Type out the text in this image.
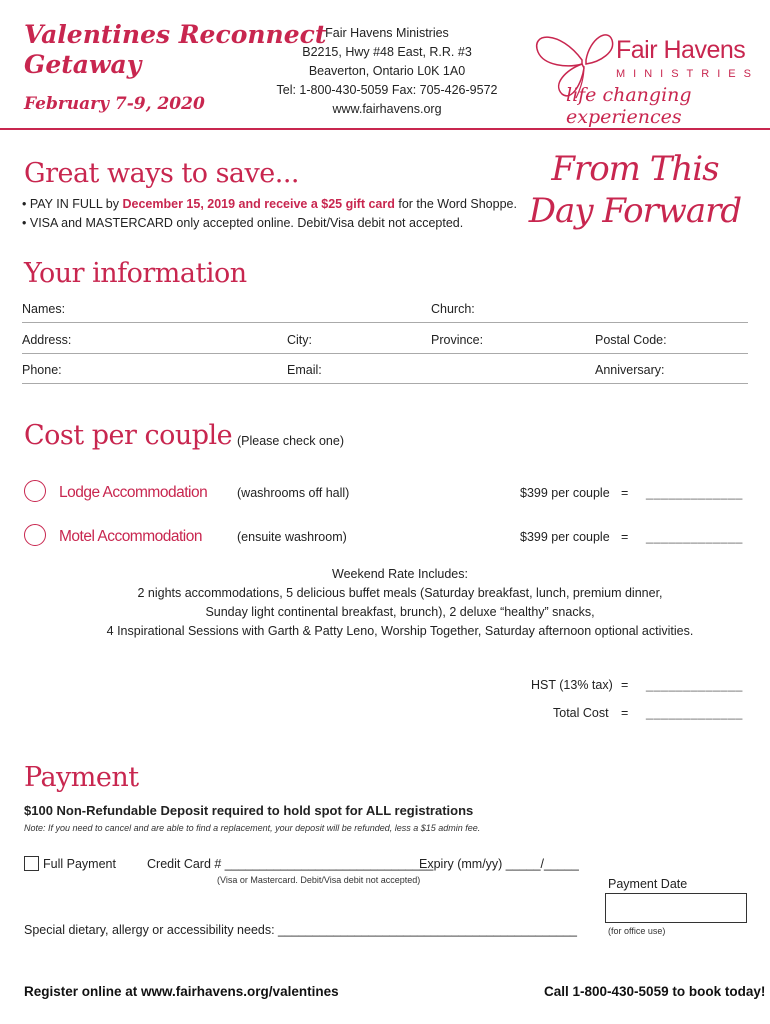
Valentines Reconnect
Getaway
February 7-9, 2020
Fair Havens Ministries
B2215, Hwy #48 East, R.R. #3
Beaverton, Ontario L0K 1A0
Tel: 1-800-430-5059 Fax: 705-426-9572
www.fairhavens.org
Fair Havens
MINISTRIES
life changing experiences
Great ways to save...
• PAY IN FULL by December 15, 2019 and receive a $25 gift card for the Word Shoppe.
• VISA and MASTERCARD only accepted online. Debit/Visa debit not accepted.
From This
Day Forward
Your information
Names:	Church:
Address:	City:	Province:	Postal Code:
Phone:	Email:	Anniversary:
Cost per couple (Please check one)
Lodge Accommodation (washrooms off hall)	$399 per couple = _____________
Motel Accommodation	(ensuite washroom)	$399 per couple = _____________
Weekend Rate Includes:
2 nights accommodations, 5 delicious buffet meals (Saturday breakfast, lunch, premium dinner,
Sunday light continental breakfast, brunch), 2 deluxe “healthy” snacks,
4 Inspirational Sessions with Garth & Patty Leno, Worship Together, Saturday afternoon optional activities.
HST (13% tax) = _____________
Total Cost = _____________
Payment
$100 Non-Refundable Deposit required to hold spot for ALL registrations
Note: If you need to cancel and are able to find a replacement, your deposit will be refunded, less a $15 admin fee.
Full Payment Credit Card # ______________________________
Expiry (mm/yy) _____/_____
(Visa or Mastercard. Debit/Visa debit not accepted)	Payment Date
(for office use)
Special dietary, allergy or accessibility needs: ___________________________________________
Register online at www.fairhavens.org/valentines	Call 1-800-430-5059 to book today!
